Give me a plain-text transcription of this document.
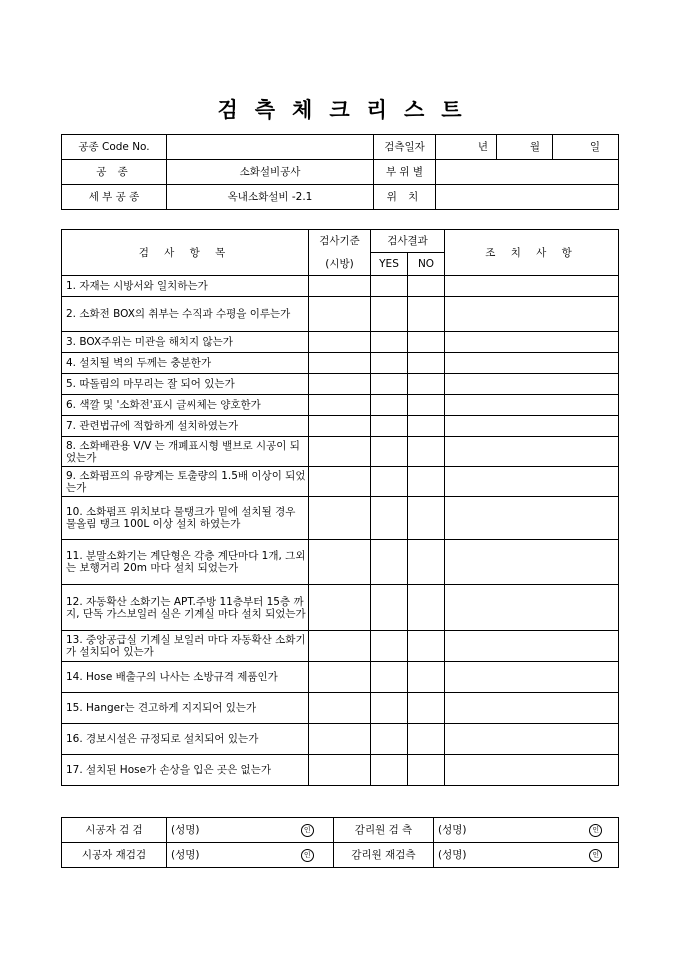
검 측 체 크 리 스 트
공종 Code No.		검측일자	년	월	일
공 종	소화설비공사	부 위 별			
세 부 공 종	옥내소화설비 -2.1	위 치			
검 사 항 목	검사기준	검사결과		조 치 사 항
	(시방)	YES	NO	
1. 자재는 시방서와 일치하는가				
2. 소화전 BOX의 취부는 수직과 수평을 이루는가				
3. BOX주위는 미관을 해치지 않는가				
4. 설치될 벽의 두께는 충분한가				
5. 따돌림의 마무리는 잘 되어 있는가				
6. 색깔 및 '소화전'표시 글씨체는 양호한가				
7. 관련법규에 적합하게 설치하였는가				
8. 소화배관용 V/V 는 개폐표시형 밸브로 시공이 되었는가				
9. 소화펌프의 유량계는 토출량의 1.5배 이상이 되었는가				
10. 소화펌프 위치보다 물탱크가 밑에 설치될 경우 물올림 탱크 100L 이상 설치 하였는가				
11. 분말소화기는 계단형은 각층 계단마다 1개, 그외는 보행거리 20m 마다 설치 되었는가				
12. 자동확산 소화기는 APT.주방 11층부터 15층 까지, 단독 가스보일러 실은 기계실 마다 설치 되었는가				
13. 중앙공급실 기계실 보일러 마다 자동확산 소화기가 설치되어 있는가				
14. Hose 배출구의 나사는 소방규격 제품인가				
15. Hanger는 견고하게 지지되어 있는가				
16. 경보시설은 규정되로 설치되어 있는가				
17. 설치된 Hose가 손상을 입은 곳은 없는가				
시공자 검 검	(성명)	인	감리원 검 측	(성명)	인
시공자 재검검	(성명)	인	감리원 재검측	(성명)	인
